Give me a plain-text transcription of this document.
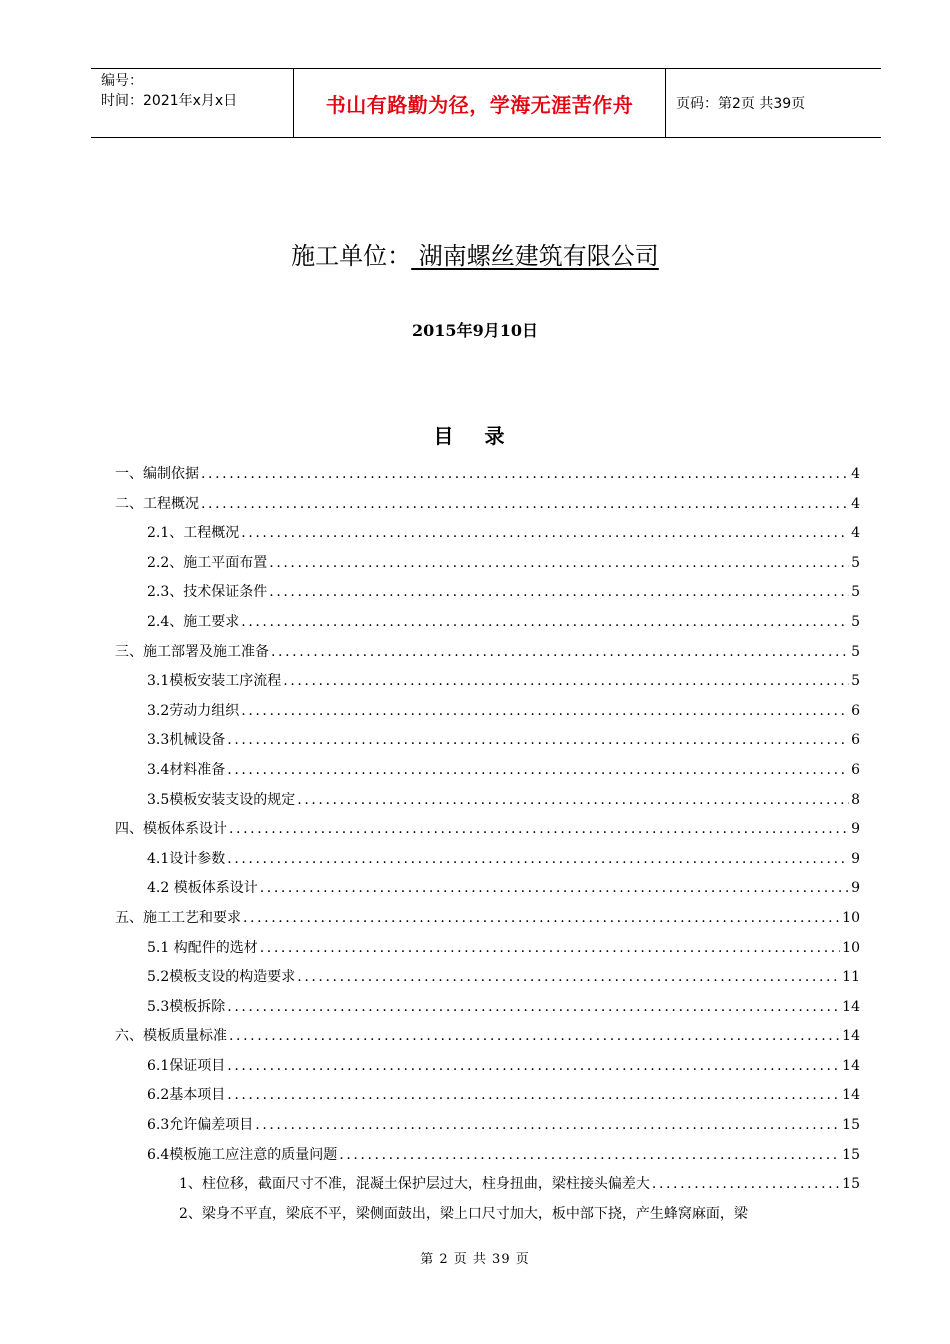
编号：
时间：2021年x月x日	书山有路勤为径，学海无涯苦作舟	页码：第2页 共39页
施工单位： 湖南螺丝建筑有限公司
2015年9月10日
目 录
一、编制依据 .....	4
二、工程概况 .....	4
2.1、工程概况 .....	4
2.2、施工平面布置 .....	5
2.3、技术保证条件 .....	5
2.4、施工要求 .....	5
三、施工部署及施工准备 .....	5
3.1模板安装工序流程 .....	5
3.2劳动力组织 .....	6
3.3机械设备 .....	6
3.4材料准备 .....	6
3.5模板安装支设的规定 .....	8
四、模板体系设计 .....	9
4.1设计参数 .....	9
4.2 模板体系设计 .....	9
五、施工工艺和要求 .....	10
5.1 构配件的选材 .....	10
5.2模板支设的构造要求 .....	11
5.3模板拆除 .....	14
六、模板质量标准 .....	14
6.1保证项目 .....	14
6.2基本项目 .....	14
6.3允许偏差项目 .....	15
6.4模板施工应注意的质量问题 .....	15
1、柱位移，截面尺寸不准，混凝土保护层过大，柱身扭曲，梁柱接头偏差大 .....	15
2、梁身不平直，梁底不平，梁侧面鼓出，梁上口尺寸加大，板中部下挠，产生蜂窝麻面，梁
第 2 页 共 39 页
